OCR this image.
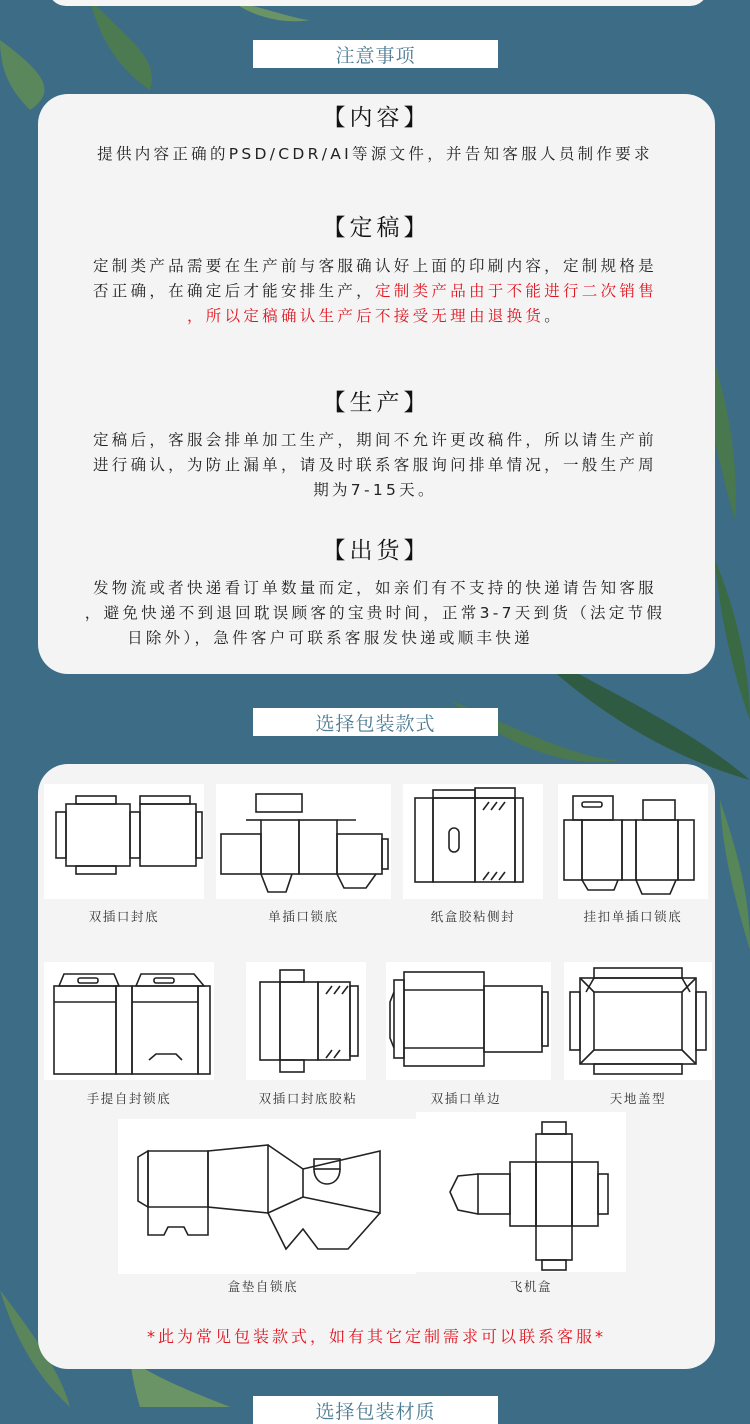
注意事项
【内容】
提供内容正确的PSD/CDR/AI等源文件，并告知客服人员制作要求
【定稿】
定制类产品需要在生产前与客服确认好上面的印刷内容，定制规格是
否正确，在确定后才能安排生产，定制类产品由于不能进行二次销售
，所以定稿确认生产后不接受无理由退换货。
【生产】
定稿后，客服会排单加工生产，期间不允许更改稿件，所以请生产前
进行确认，为防止漏单，请及时联系客服询问排单情况，一般生产周
期为7-15天。
【出货】
发物流或者快递看订单数量而定，如亲们有不支持的快递请告知客服
，避免快递不到退回耽误顾客的宝贵时间，正常3-7天到货（法定节假
日除外），急件客户可联系客服发快递或顺丰快递
选择包装款式
双插口封底	单插口锁底	纸盒胶粘侧封	挂扣单插口锁底
手提自封锁底	双插口封底胶粘	双插口单边	天地盖型
盒垫自锁底	飞机盒
*此为常见包装款式，如有其它定制需求可以联系客服*
选择包装材质
